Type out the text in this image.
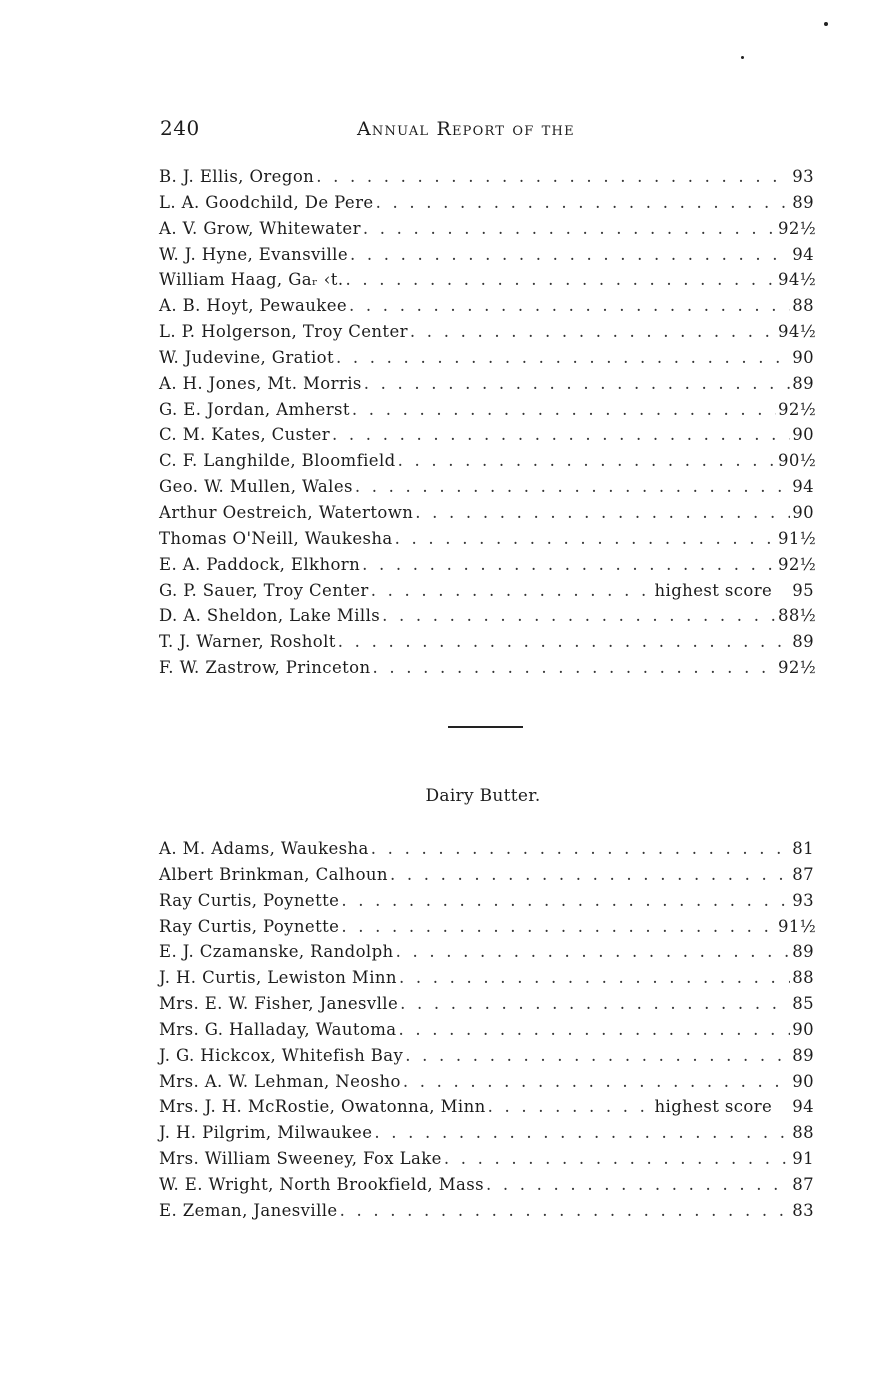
240	Annual Report of the
B. J. Ellis, Oregon . . .	93
L. A. Goodchild, De Pere . . .	89
A. V. Grow, Whitewater . . .	92½
W. J. Hyne, Evansville . . .	94
William Haag, Gaᵣ ‹t. . . .	94½
A. B. Hoyt, Pewaukee . . .	88
L. P. Holgerson, Troy Center . . .	94½
W. Judevine, Gratiot . . .	90
A. H. Jones, Mt. Morris . . .	89
G. E. Jordan, Amherst . . .	92½
C. M. Kates, Custer . . .	90
C. F. Langhilde, Bloomfield . . .	90½
Geo. W. Mullen, Wales . . .	94
Arthur Oestreich, Watertown . . .	90
Thomas O'Neill, Waukesha . . .	91½
E. A. Paddock, Elkhorn . . .	92½
G. P. Sauer, Troy Center . . .	highest score 95
D. A. Sheldon, Lake Mills . . .	88½
T. J. Warner, Rosholt . . .	89
F. W. Zastrow, Princeton . . .	92½
Dairy Butter.
A. M. Adams, Waukesha . . .	81
Albert Brinkman, Calhoun . . .	87
Ray Curtis, Poynette . . .	93
Ray Curtis, Poynette . . .	91½
E. J. Czamanske, Randolph . . .	89
J. H. Curtis, Lewiston Minn . . .	88
Mrs. E. W. Fisher, Janesvlle . . .	85
Mrs. G. Halladay, Wautoma . . .	90
J. G. Hickcox, Whitefish Bay . . .	89
Mrs. A. W. Lehman, Neosho . . .	90
Mrs. J. H. McRostie, Owatonna, Minn . . .	highest score 94
J. H. Pilgrim, Milwaukee . . .	88
Mrs. William Sweeney, Fox Lake . . .	91
W. E. Wright, North Brookfield, Mass . . .	87
E. Zeman, Janesville . . .	83
